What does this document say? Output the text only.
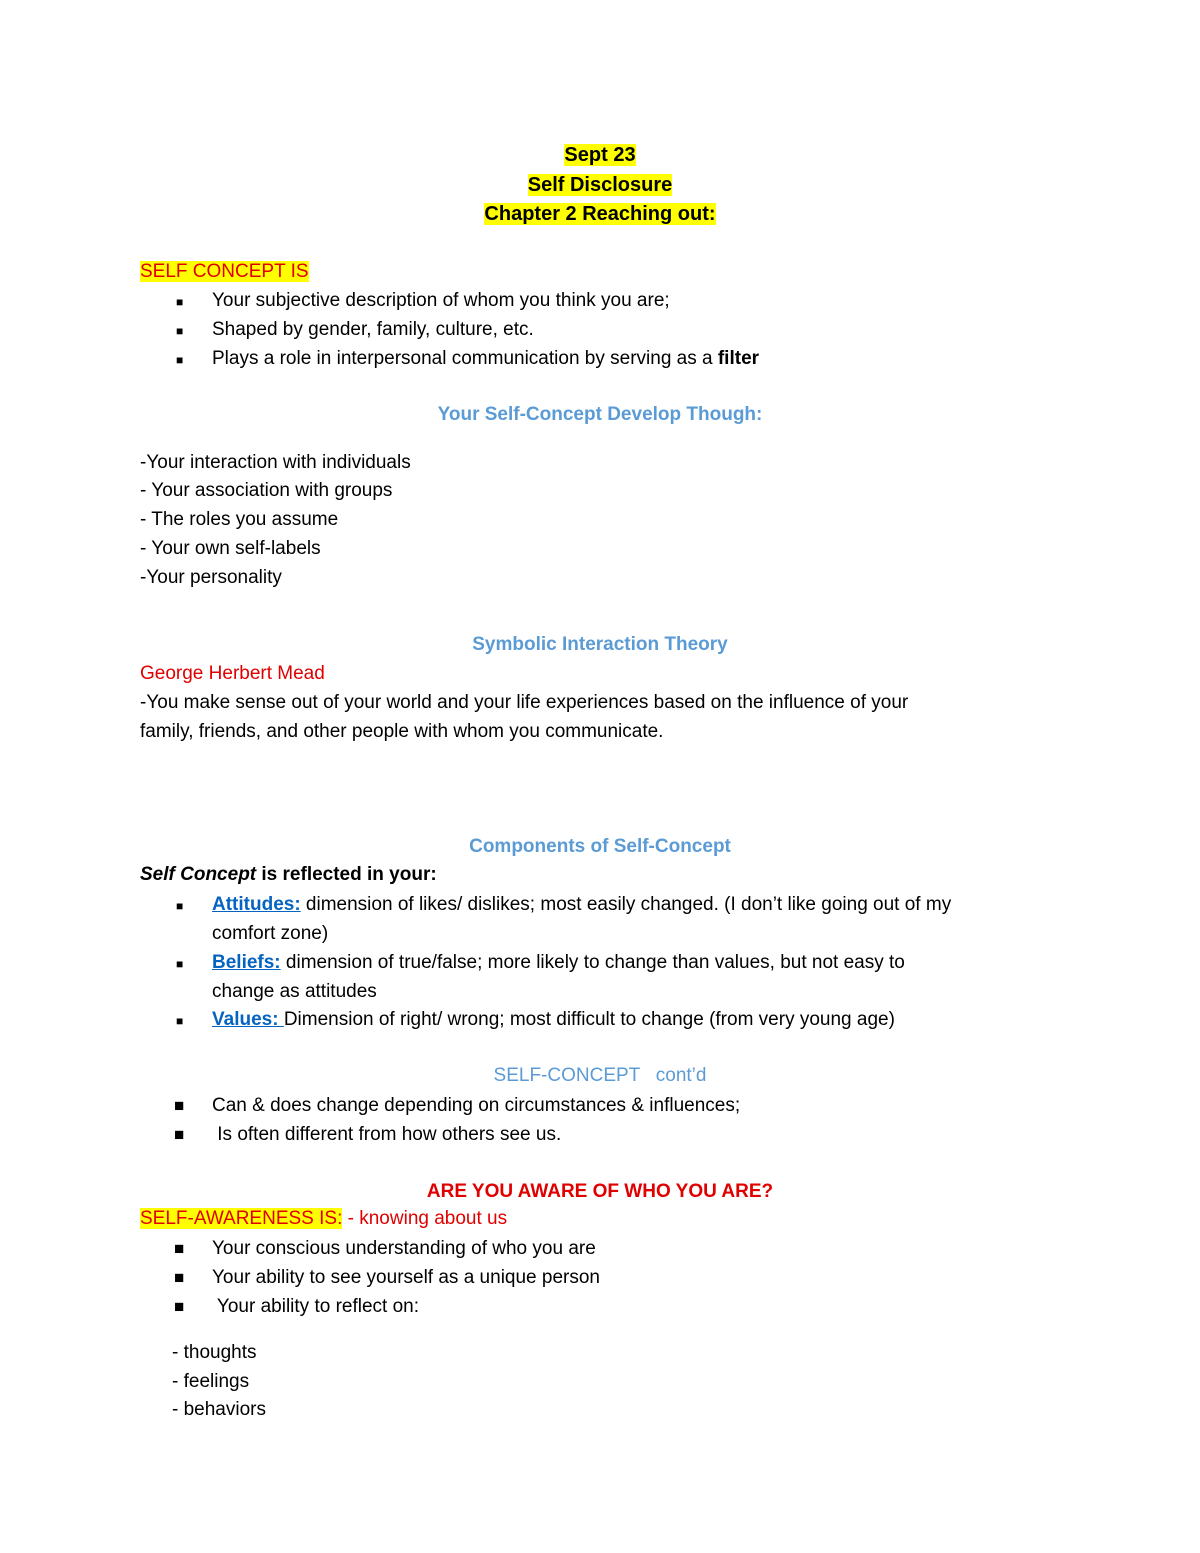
Sept 23

Self Disclosure

Chapter 2 Reaching out:

SELF CONCEPT IS

■ Your subjective description of whom you think you are;
■ Shaped by gender, family, culture, etc.
■ Plays a role in interpersonal communication by serving as a filter

Your Self-Concept Develop Though:

-Your interaction with individuals

- Your association with groups

- The roles you assume

- Your own self-labels

-Your personality

Symbolic Interaction Theory

George Herbert Mead

-You make sense out of your world and your life experiences based on the influence of your

family, friends, and other people with whom you communicate.

Components of Self-Concept

Self Concept is reflected in your:

■ Attitudes: dimension of likes/ dislikes; most easily changed. (I don’t like going out of my
comfort zone)
■ Beliefs: dimension of true/false; more likely to change than values, but not easy to
change as attitudes
■ Values: Dimension of right/ wrong; most difficult to change (from very young age)

SELF-CONCEPT   cont’d

■ Can & does change depending on circumstances & influences;
■ Is often different from how others see us.

ARE YOU AWARE OF WHO YOU ARE?

SELF-AWARENESS IS: - knowing about us

■ Your conscious understanding of who you are
■ Your ability to see yourself as a unique person
■ Your ability to reflect on:

- thoughts

- feelings

- behaviors
